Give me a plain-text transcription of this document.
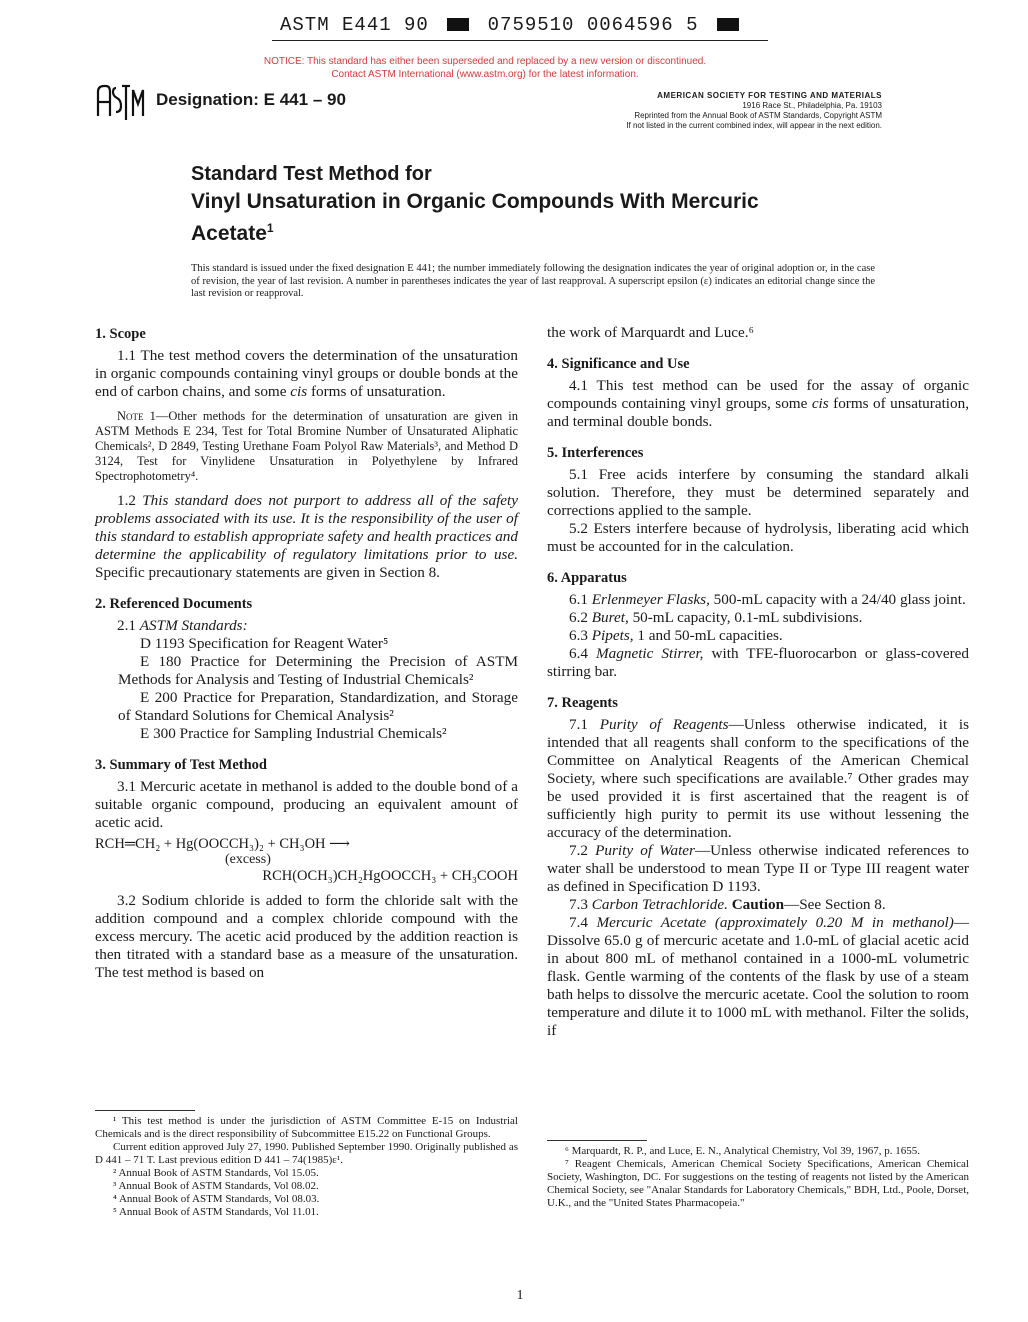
ASTM E441 90	0759510 0064596 5
NOTICE: This standard has either been superseded and replaced by a new version or discontinued.
Contact ASTM International (www.astm.org) for the latest information.
Designation: E 441 – 90	AMERICAN SOCIETY FOR TESTING AND MATERIALS
1916 Race St., Philadelphia, Pa. 19103
Reprinted from the Annual Book of ASTM Standards, Copyright ASTM
If not listed in the current combined index, will appear in the next edition.
Standard Test Method for
Vinyl Unsaturation in Organic Compounds With Mercuric Acetate$^1$
This standard is issued under the fixed designation E 441; the number immediately following the designation indicates the year of original adoption or, in the case of revision, the year of last revision. A number in parentheses indicates the year of last reapproval. A superscript epsilon (ε) indicates an editorial change since the last revision or reapproval.
1. Scope

1.1 The test method covers the determination of the unsaturation in organic compounds containing vinyl groups or double bonds at the end of carbon chains, and some cis forms of unsaturation.

Note 1—Other methods for the determination of unsaturation are given in ASTM Methods E 234, Test for Total Bromine Number of Unsaturated Aliphatic Chemicals², D 2849, Testing Urethane Foam Polyol Raw Materials³, and Method D 3124, Test for Vinylidene Unsaturation in Polyethylene by Infrared Spectrophotometry⁴.

1.2 This standard does not purport to address all of the safety problems associated with its use. It is the responsibility of the user of this standard to establish appropriate safety and health practices and determine the applicability of regulatory limitations prior to use. Specific precautionary statements are given in Section 8.

2. Referenced Documents

2.1 ASTM Standards:

D 1193 Specification for Reagent Water⁵

E 180 Practice for Determining the Precision of ASTM Methods for Analysis and Testing of Industrial Chemicals²

E 200 Practice for Preparation, Standardization, and Storage of Standard Solutions for Chemical Analysis²

E 300 Practice for Sampling Industrial Chemicals²

3. Summary of Test Method

3.1 Mercuric acetate in methanol is added to the double bond of a suitable organic compound, producing an equivalent amount of acetic acid.

RCH═CH₂ + Hg(OOCCH₃)₂ + CH₃OH ⟶
(excess)
RCH(OCH₃)CH₂HgOOCCH₃ + CH₃COOH

3.2 Sodium chloride is added to form the chloride salt with the addition compound and a complex chloride compound with the excess mercury. The acetic acid produced by the addition reaction is then titrated with a standard base as a measure of the unsaturation. The test method is based on

the work of Marquardt and Luce.⁶

4. Significance and Use

4.1 This test method can be used for the assay of organic compounds containing vinyl groups, some cis forms of unsaturation, and terminal double bonds.

5. Interferences

5.1 Free acids interfere by consuming the standard alkali solution. Therefore, they must be determined separately and corrections applied to the sample.

5.2 Esters interfere because of hydrolysis, liberating acid which must be accounted for in the calculation.

6. Apparatus

6.1 Erlenmeyer Flasks, 500-mL capacity with a 24/40 glass joint.

6.2 Buret, 50-mL capacity, 0.1-mL subdivisions.

6.3 Pipets, 1 and 50-mL capacities.

6.4 Magnetic Stirrer, with TFE-fluorocarbon or glass-covered stirring bar.

7. Reagents

7.1 Purity of Reagents—Unless otherwise indicated, it is intended that all reagents shall conform to the specifications of the Committee on Analytical Reagents of the American Chemical Society, where such specifications are available.⁷ Other grades may be used provided it is first ascertained that the reagent is of sufficiently high purity to permit its use without lessening the accuracy of the determination.

7.2 Purity of Water—Unless otherwise indicated references to water shall be understood to mean Type II or Type III reagent water as defined in Specification D 1193.

7.3 Carbon Tetrachloride. Caution—See Section 8.

7.4 Mercuric Acetate (approximately 0.20 M in methanol)—Dissolve 65.0 g of mercuric acetate and 1.0-mL of glacial acetic acid in about 800 mL of methanol contained in a 1000-mL volumetric flask. Gentle warming of the contents of the flask by use of a steam bath helps to dissolve the mercuric acetate. Cool the solution to room temperature and dilute it to 1000 mL with methanol. Filter the solids, if

¹ This test method is under the jurisdiction of ASTM Committee E-15 on Industrial Chemicals and is the direct responsibility of Subcommittee E15.22 on Functional Groups.

Current edition approved July 27, 1990. Published September 1990. Originally published as D 441 – 71 T. Last previous edition D 441 – 74(1985)ε¹.

² Annual Book of ASTM Standards, Vol 15.05.

³ Annual Book of ASTM Standards, Vol 08.02.

⁴ Annual Book of ASTM Standards, Vol 08.03.

⁵ Annual Book of ASTM Standards, Vol 11.01.

⁶ Marquardt, R. P., and Luce, E. N., Analytical Chemistry, Vol 39, 1967, p. 1655.

⁷ Reagent Chemicals, American Chemical Society Specifications, American Chemical Society, Washington, DC. For suggestions on the testing of reagents not listed by the American Chemical Society, see "Analar Standards for Laboratory Chemicals," BDH, Ltd., Poole, Dorset, U.K., and the "United States Pharmacopeia."

1
